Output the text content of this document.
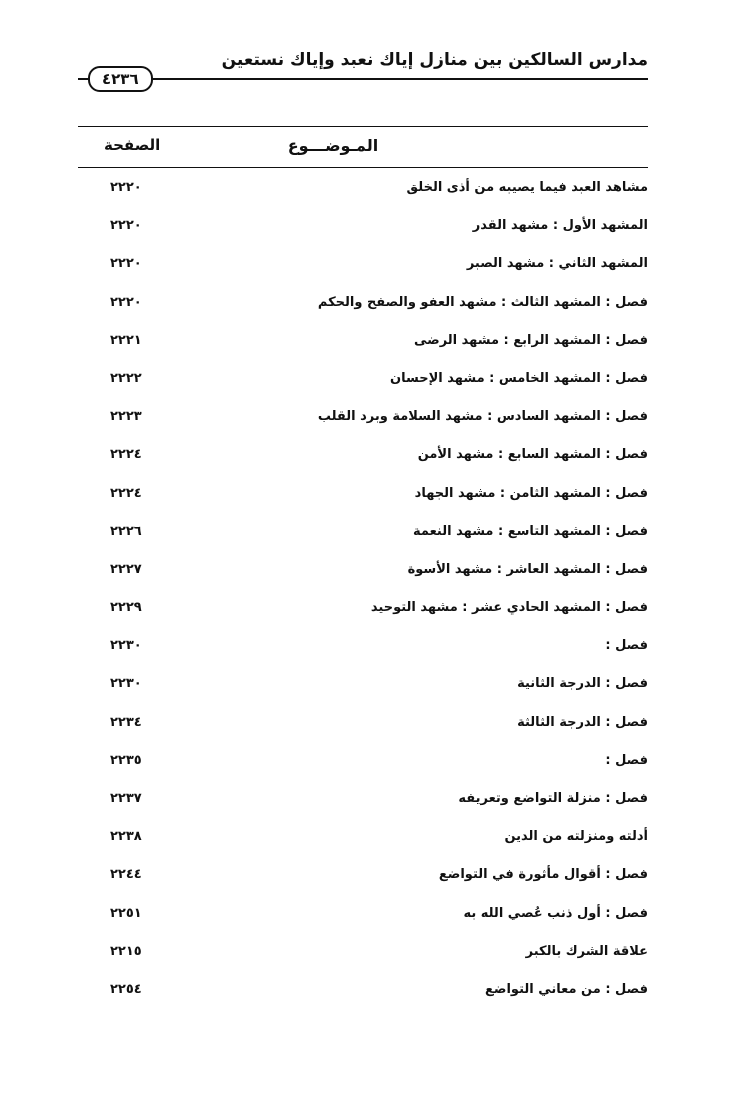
مدارس السالكين بين منازل إياك نعبد وإياك نستعين
٤٢٣٦
المـوضـــوع
الصفحة
مشاهد العبد فيما يصيبه من أذى الخلق
٢٢٢٠
المشهد الأول : مشهد القدر
٢٢٢٠
المشهد الثاني : مشهد الصبر
٢٢٢٠
فصل : المشهد الثالث : مشهد العفو والصفح والحكم
٢٢٢٠
فصل : المشهد الرابع : مشهد الرضى
٢٢٢١
فصل : المشهد الخامس : مشهد الإحسان
٢٢٢٢
فصل : المشهد السادس : مشهد السلامة وبرد القلب
٢٢٢٣
فصل : المشهد السابع : مشهد الأمن
٢٢٢٤
فصل : المشهد الثامن : مشهد الجهاد
٢٢٢٤
فصل : المشهد التاسع : مشهد النعمة
٢٢٢٦
فصل : المشهد العاشر : مشهد الأسوة
٢٢٢٧
فصل : المشهد الحادي عشر : مشهد التوحيد
٢٢٢٩
فصل :
٢٢٣٠
فصل : الدرجة الثانية
٢٢٣٠
فصل : الدرجة الثالثة
٢٢٣٤
فصل :
٢٢٣٥
فصل : منزلة التواضع وتعريفه
٢٢٣٧
أدلته ومنزلته من الدين
٢٢٣٨
فصل : أقوال مأثورة في التواضع
٢٢٤٤
فصل : أول ذنب عُصي الله به
٢٢٥١
علاقة الشرك بالكبر
٢٢١٥
فصل : من معاني التواضع
٢٢٥٤
